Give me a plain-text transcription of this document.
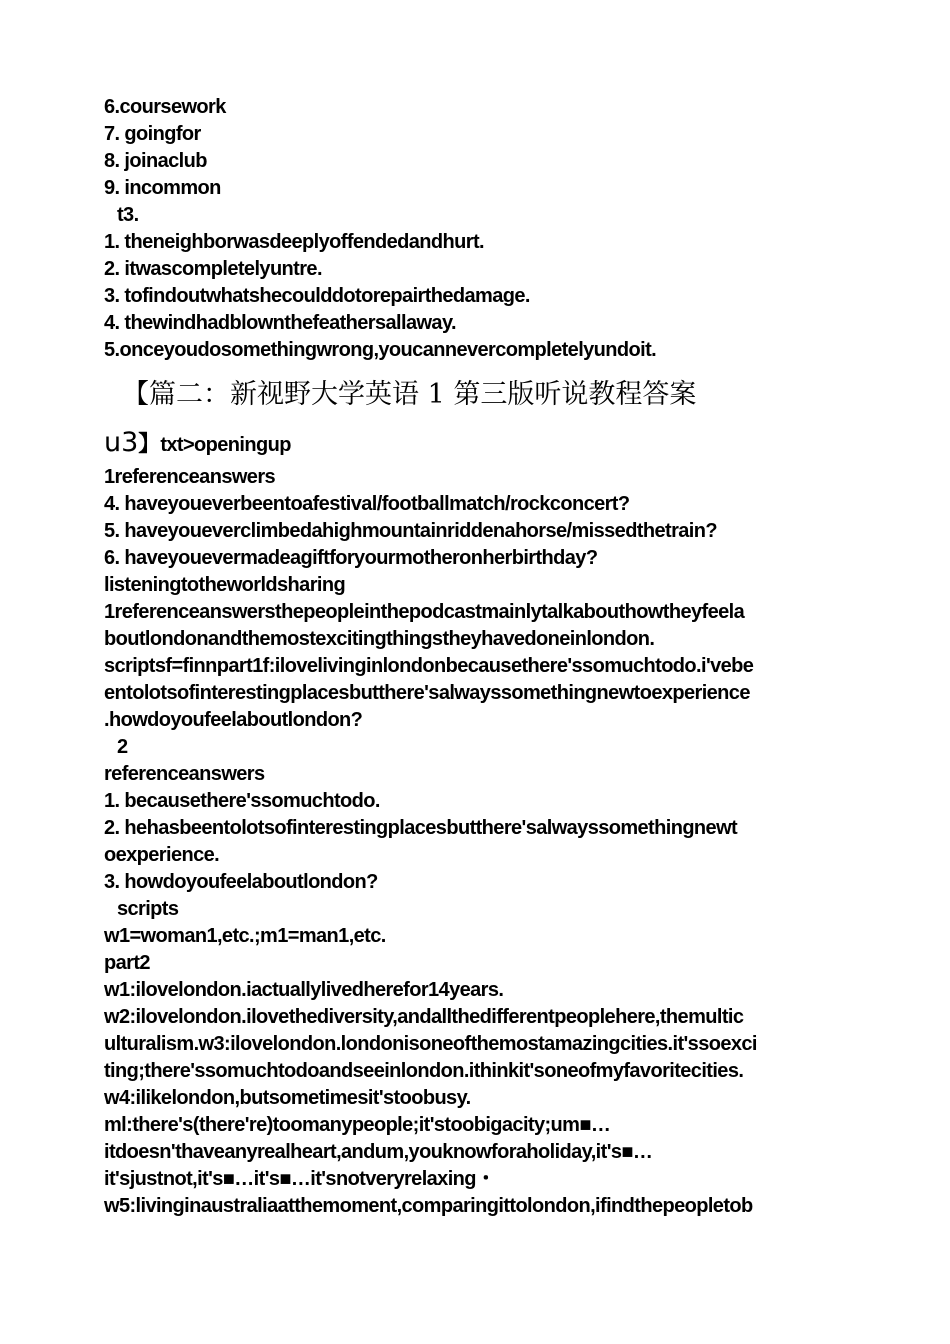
6.coursework
7. goingfor
8. joinaclub
9. incommon
t3.
1. theneighborwasdeeplyoffendedandhurt.
2. itwascompletelyuntre.
3. tofindoutwhatshecoulddotorepairthedamage.
4. thewindhadblownthefeathersallaway.
5.onceyoudosomethingwrong,youcannevercompletelyundoit.
【篇二：新视野大学英语 1 第三版听说教程答案
u3】txt>openingup
1referenceanswers
4. haveyoueverbeentoafestival/footballmatch/rockconcert?
5. haveyoueverclimbedahighmountainriddenahorse/missedthetrain?
6. haveyouevermadeagiftforyourmotheronherbirthday?
listeningtotheworldsharing
1referenceanswersthepeopleinthepodcastmainlytalkabouthowtheyfeela
boutlondonandthemostexcitingthingstheyhavedoneinlondon.
scriptsf=finnpart1f:ilovelivinginlondonbecausethere'ssomuchtodo.i'vebe
entolotsofinterestingplacesbutthere'salwayssomethingnewtoexperience
.howdoyoufeelaboutlondon?
2
referenceanswers
1. becausethere'ssomuchtodo.
2. hehasbeentolotsofinterestingplacesbutthere'salwayssomethingnewt
oexperience.
3. howdoyoufeelaboutlondon?
scripts
w1=woman1,etc.;m1=man1,etc.
part2
w1:ilovelondon.iactuallylivedherefor14years.
w2:ilovelondon.ilovethediversity,andallthedifferentpeoplehere,themultic
ulturalism.w3:ilovelondon.londonisoneofthemostamazingcities.it'ssoexci
ting;there'ssomuchtodoandseeinlondon.ithinkit'soneofmyfavoritecities.
w4:ilikelondon,butsometimesit'stoobusy.
ml:there's(there're)toomanypeople;it'stoobigacity;um■…
itdoesn'thaveanyrealheart,andum,youknowforaholiday,it's■…
it'sjustnot,it's■…it's■…it'snotveryrelaxing・
w5:livinginaustraliaatthemoment,comparingittolondon,ifindthepeopletob
